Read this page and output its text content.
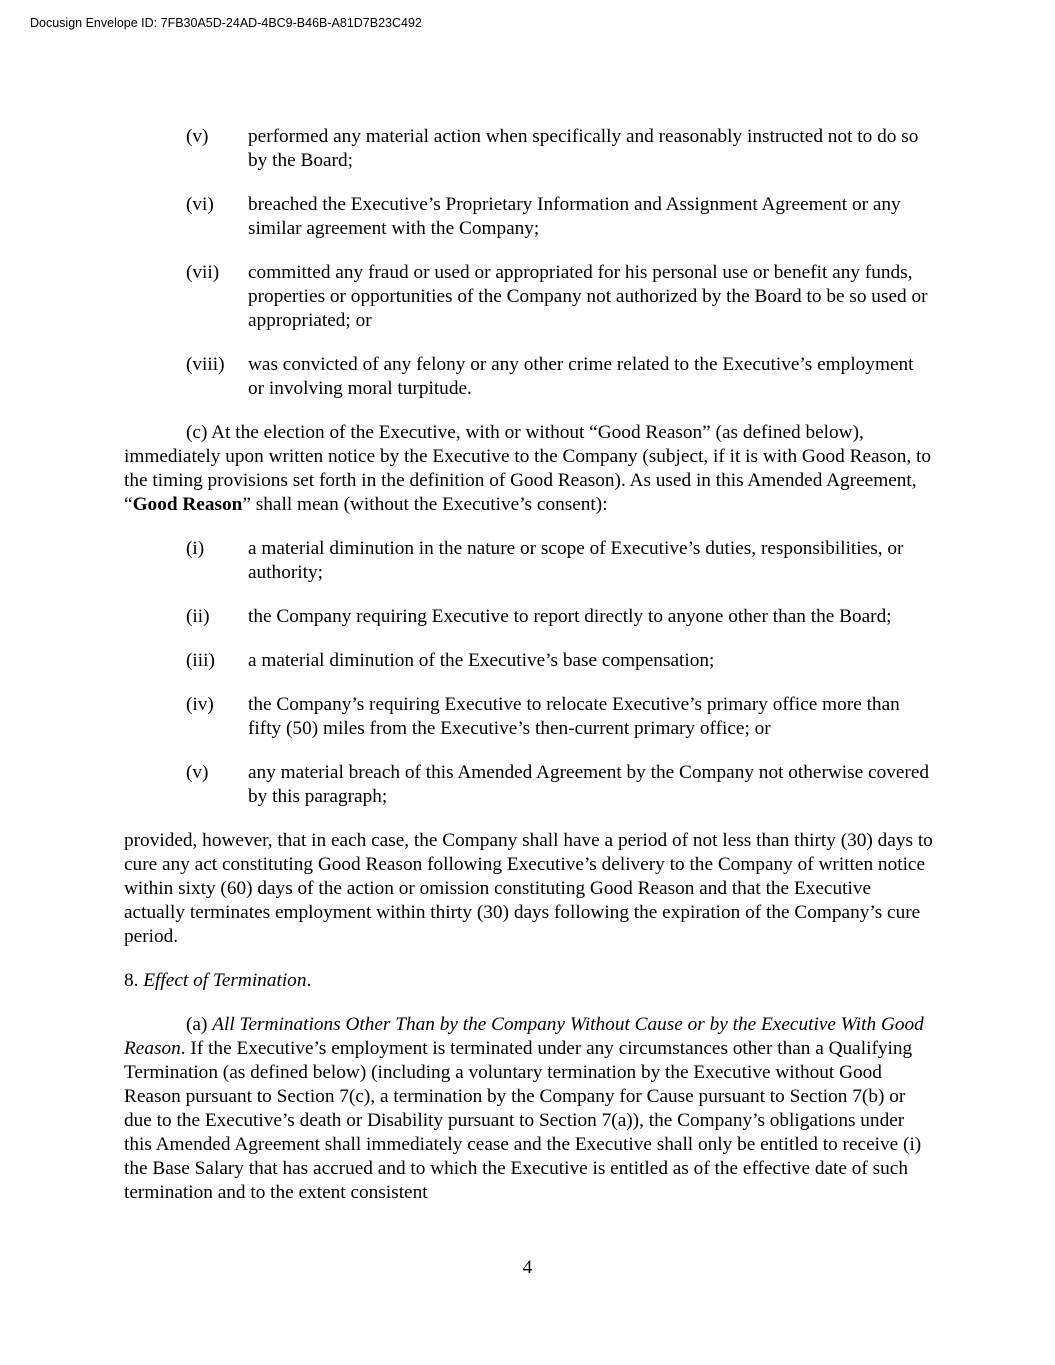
Docusign Envelope ID: 7FB30A5D-24AD-4BC9-B46B-A81D7B23C492
(v) performed any material action when specifically and reasonably instructed not to do so by the Board;
(vi) breached the Executive’s Proprietary Information and Assignment Agreement or any similar agreement with the Company;
(vii) committed any fraud or used or appropriated for his personal use or benefit any funds, properties or opportunities of the Company not authorized by the Board to be so used or appropriated; or
(viii) was convicted of any felony or any other crime related to the Executive’s employment or involving moral turpitude.

(c) At the election of the Executive, with or without “Good Reason” (as defined below), immediately upon written notice by the Executive to the Company (subject, if it is with Good Reason, to the timing provisions set forth in the definition of Good Reason). As used in this Amended Agreement, “Good Reason” shall mean (without the Executive’s consent):

(i) a material diminution in the nature or scope of Executive’s duties, responsibilities, or authority;
(ii) the Company requiring Executive to report directly to anyone other than the Board;
(iii) a material diminution of the Executive’s base compensation;
(iv) the Company’s requiring Executive to relocate Executive’s primary office more than fifty (50) miles from the Executive’s then-current primary office; or
(v) any material breach of this Amended Agreement by the Company not otherwise covered by this paragraph;

provided, however, that in each case, the Company shall have a period of not less than thirty (30) days to cure any act constituting Good Reason following Executive’s delivery to the Company of written notice within sixty (60) days of the action or omission constituting Good Reason and that the Executive actually terminates employment within thirty (30) days following the expiration of the Company’s cure period.

8. Effect of Termination.

(a) All Terminations Other Than by the Company Without Cause or by the Executive With Good Reason. If the Executive’s employment is terminated under any circumstances other than a Qualifying Termination (as defined below) (including a voluntary termination by the Executive without Good Reason pursuant to Section 7(c), a termination by the Company for Cause pursuant to Section 7(b) or due to the Executive’s death or Disability pursuant to Section 7(a)), the Company’s obligations under this Amended Agreement shall immediately cease and the Executive shall only be entitled to receive (i) the Base Salary that has accrued and to which the Executive is entitled as of the effective date of such termination and to the extent consistent

4
